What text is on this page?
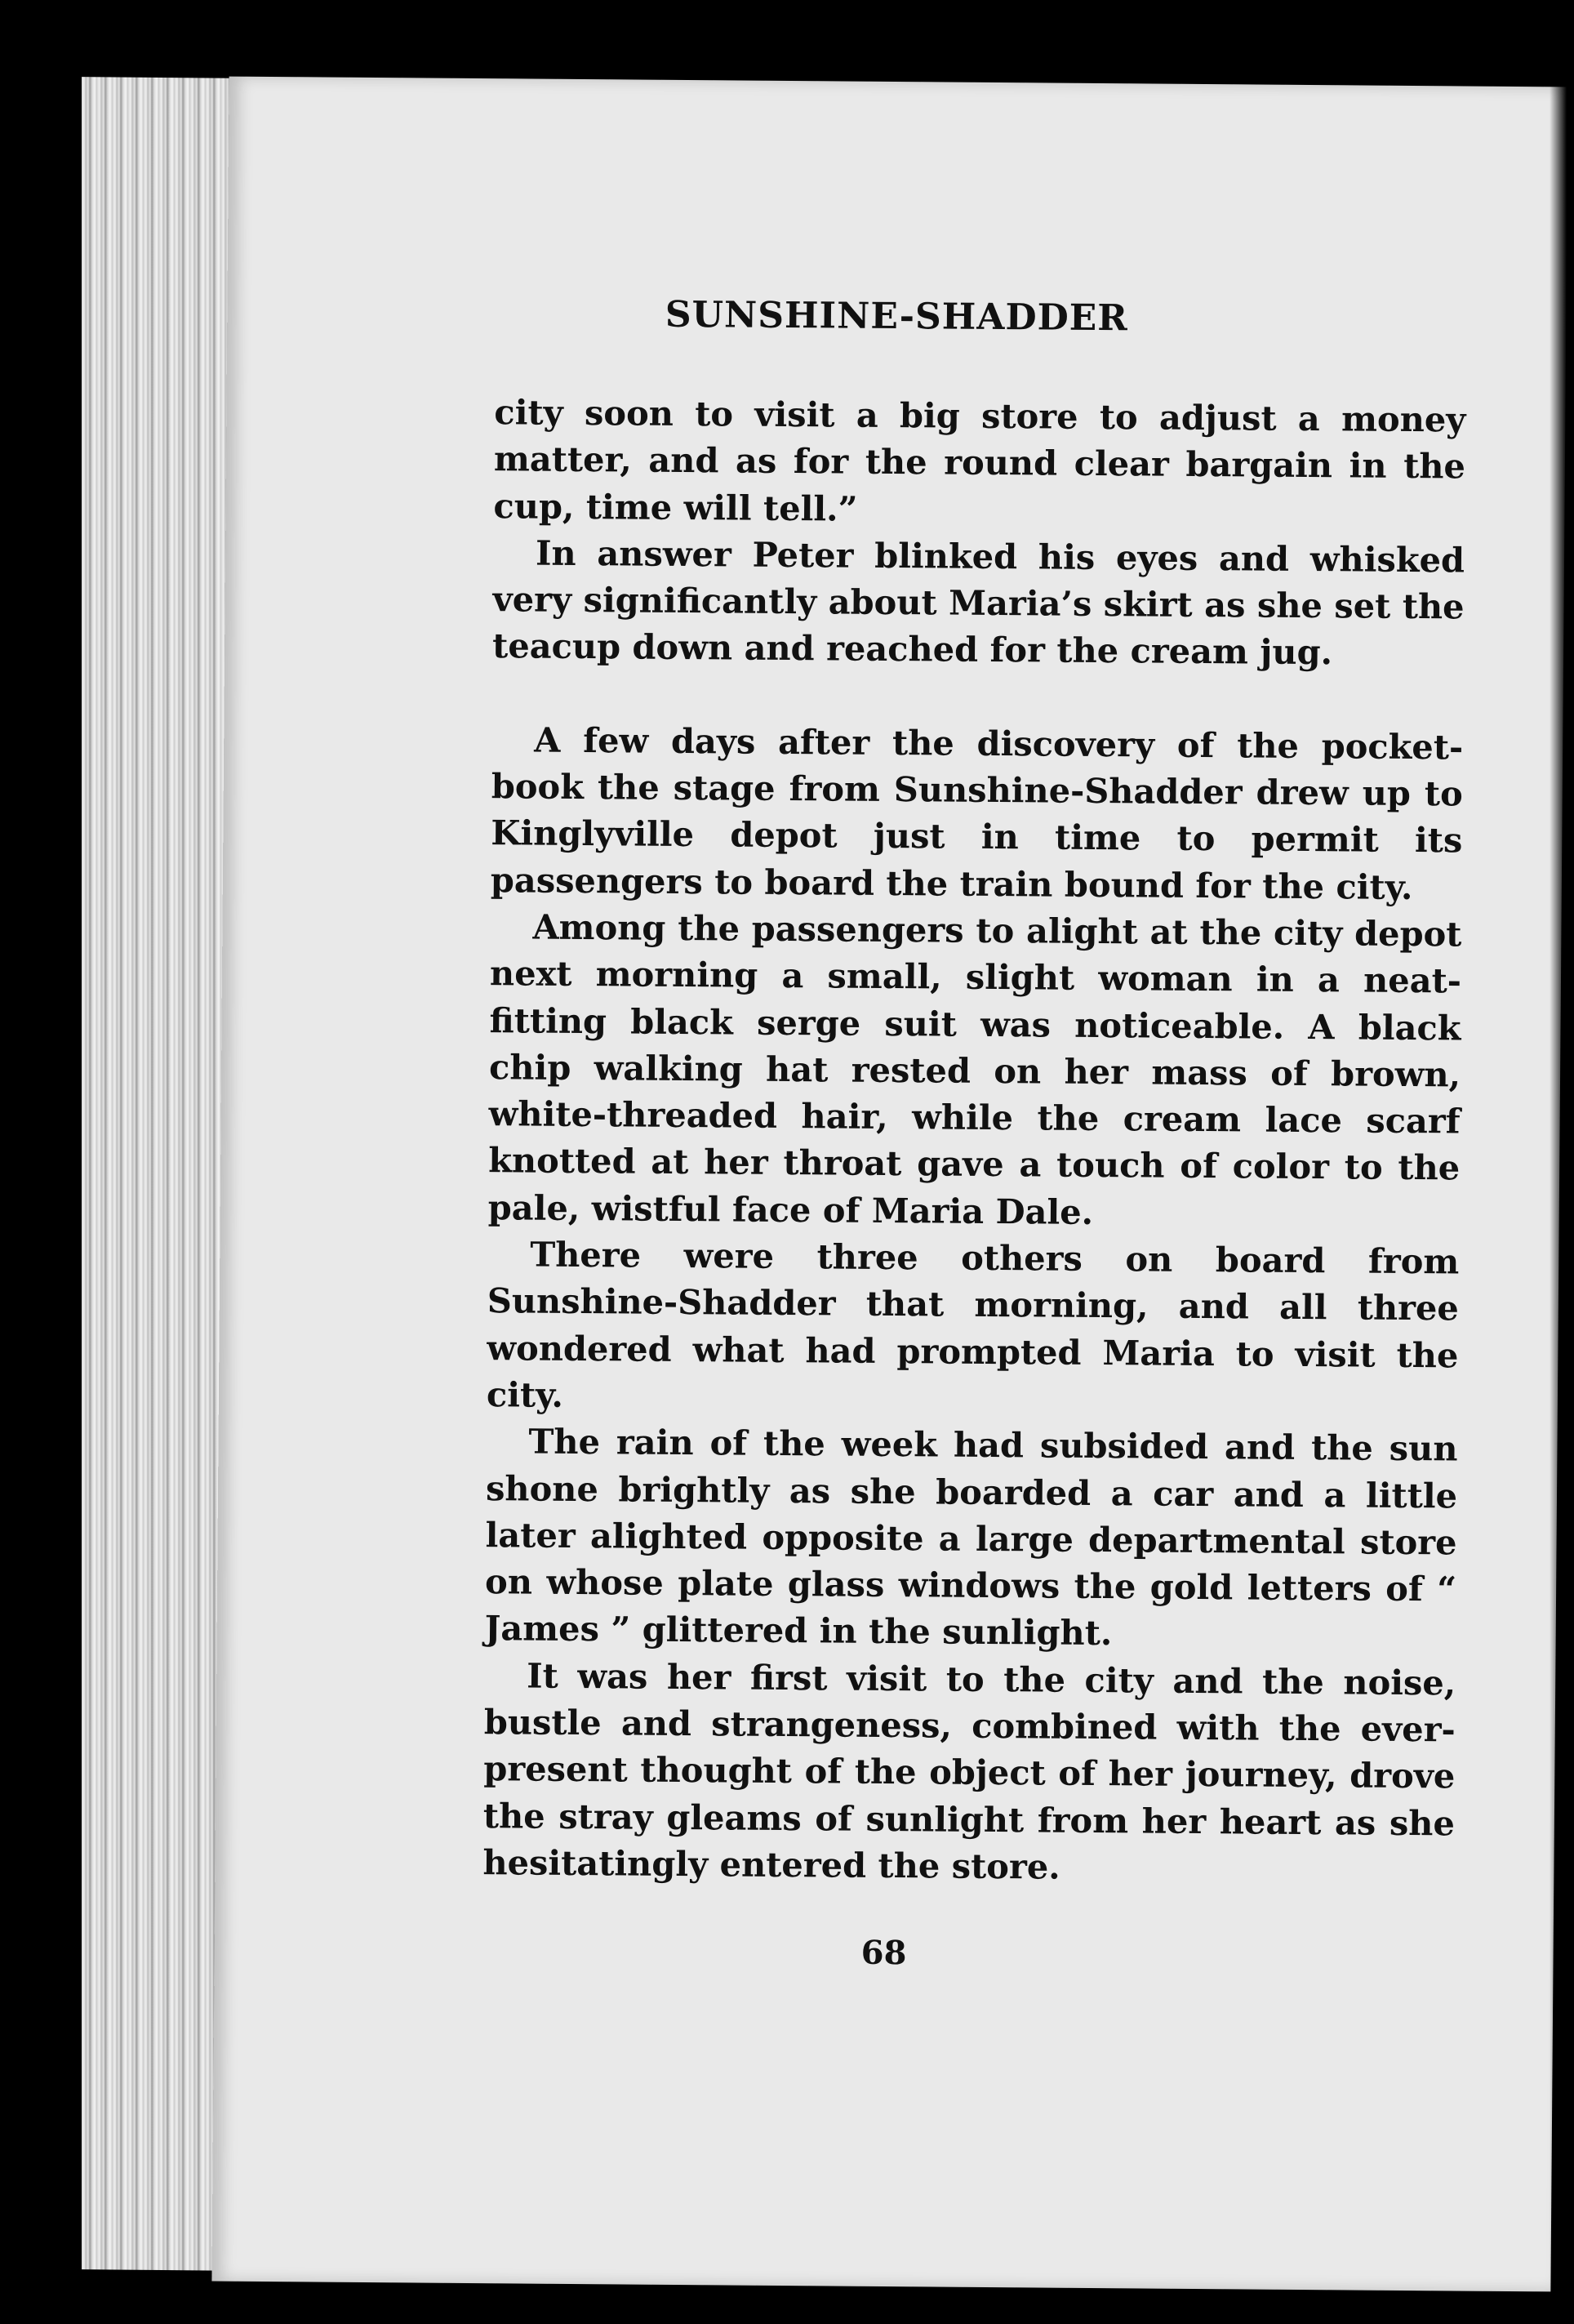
SUNSHINE-SHADDER

city soon to visit a big store to adjust a money matter, and as for the round clear bargain in the cup, time will tell.”

In answer Peter blinked his eyes and whisked very significantly about Maria’s skirt as she set the teacup down and reached for the cream jug.

A few days after the discovery of the pocket-book the stage from Sunshine-Shadder drew up to Kinglyville depot just in time to permit its passengers to board the train bound for the city.

Among the passengers to alight at the city depot next morning a small, slight woman in a neat-fitting black serge suit was noticeable. A black chip walking hat rested on her mass of brown, white-threaded hair, while the cream lace scarf knotted at her throat gave a touch of color to the pale, wistful face of Maria Dale.

There were three others on board from Sunshine-Shadder that morning, and all three wondered what had prompted Maria to visit the city.

The rain of the week had subsided and the sun shone brightly as she boarded a car and a little later alighted opposite a large departmental store on whose plate glass windows the gold letters of “ James ” glittered in the sunlight.

It was her first visit to the city and the noise, bustle and strangeness, combined with the ever-present thought of the object of her journey, drove the stray gleams of sunlight from her heart as she hesitatingly entered the store.

68
